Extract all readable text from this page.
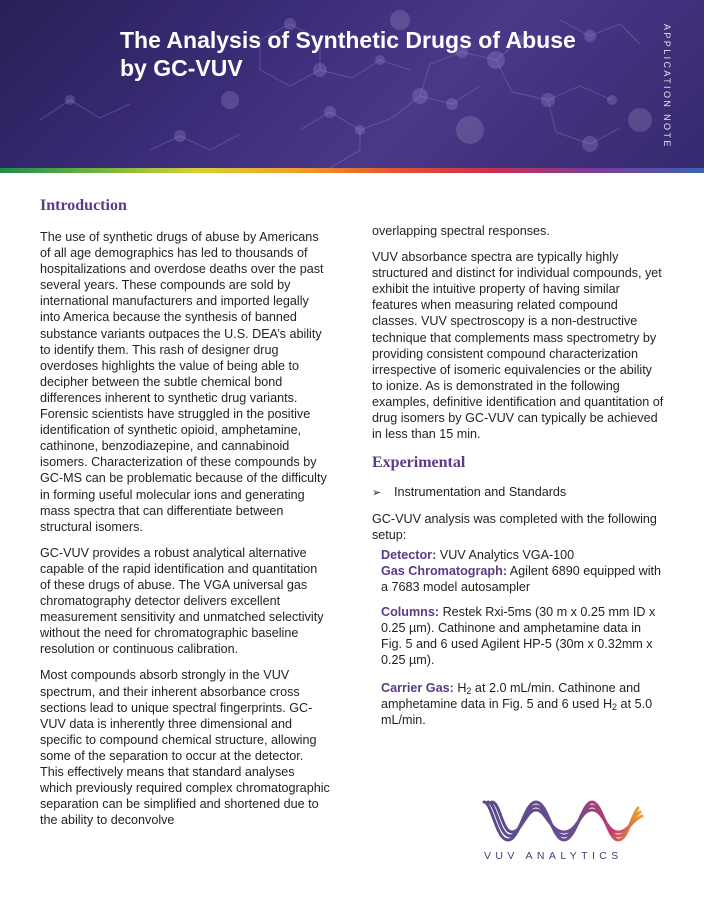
The Analysis of Synthetic Drugs of Abuse by GC-VUV	APPLICATION NOTE
Introduction

The use of synthetic drugs of abuse by Americans of all age demographics has led to thousands of hospitalizations and overdose deaths over the past several years. These compounds are sold by international manufacturers and imported legally into America because the synthesis of banned substance variants outpaces the U.S. DEA’s ability to identify them. This rash of designer drug overdoses highlights the value of being able to decipher between the subtle chemical bond differences inherent to synthetic drug variants. Forensic scientists have struggled in the positive identification of synthetic opioid, amphetamine, cathinone, benzodiazepine, and cannabinoid isomers. Characterization of these compounds by GC-MS can be problematic because of the difficulty in forming useful molecular ions and generating mass spectra that can differentiate between structural isomers.

GC-VUV provides a robust analytical alternative capable of the rapid identification and quantitation of these drugs of abuse. The VGA universal gas chromatography detector delivers excellent measurement sensitivity and unmatched selectivity without the need for chromatographic baseline resolution or continuous calibration.

Most compounds absorb strongly in the VUV spectrum, and their inherent absorbance cross sections lead to unique spectral fingerprints. GC-VUV data is inherently three dimensional and specific to compound chemical structure, allowing some of the separation to occur at the detector. This effectively means that standard analyses which previously required complex chromatographic separation can be simplified and shortened due to the ability to deconvolve

overlapping spectral responses.

VUV absorbance spectra are typically highly structured and distinct for individual compounds, yet exhibit the intuitive property of having similar features when measuring related compound classes. VUV spectroscopy is a non-destructive technique that complements mass spectrometry by providing consistent compound characterization irrespective of isomeric equivalencies or the ability to ionize. As is demonstrated in the following examples, definitive identification and quantitation of drug isomers by GC-VUV can typically be achieved in less than 15 min.

Experimental
➢	Instrumentation and Standards

GC-VUV analysis was completed with the following setup:

Detector: VUV Analytics VGA-100
Gas Chromatograph: Agilent 6890 equipped with a 7683 model autosampler
Columns: Restek Rxi-5ms (30 m x 0.25 mm ID x 0.25 µm). Cathinone and amphetamine data in Fig. 5 and 6 used Agilent HP-5 (30m x 0.32mm x 0.25 µm).
Carrier Gas: $H_2$ at 2.0 mL/min. Cathinone and amphetamine data in Fig. 5 and 6 used $H_2$ at 5.0 mL/min.
VUV ANALYTICS
